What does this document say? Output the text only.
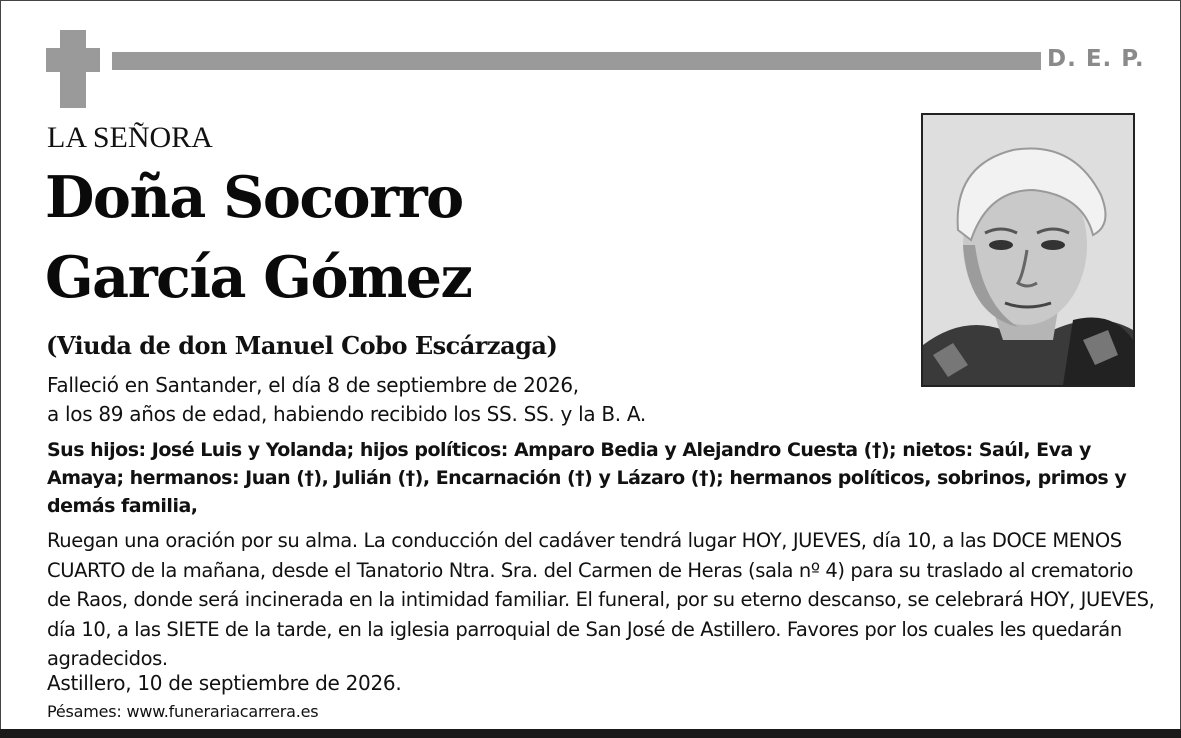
D. E. P.
LA SEÑORA
Doña Socorro
García Gómez
(Viuda de don Manuel Cobo Escárzaga)
Falleció en Santander, el día 8 de septiembre de 2026,
a los 89 años de edad, habiendo recibido los SS. SS. y la B. A.
Sus hijos: José Luis y Yolanda; hijos políticos: Amparo Bedia y Alejandro Cuesta (†); nietos: Saúl, Eva y Amaya; hermanos: Juan (†), Julián (†), Encarnación (†) y Lázaro (†); hermanos políticos, sobrinos, primos y demás familia,
Ruegan una oración por su alma. La conducción del cadáver tendrá lugar HOY, JUEVES, día 10, a las DOCE MENOS CUARTO de la mañana, desde el Tanatorio Ntra. Sra. del Carmen de Heras (sala nº 4) para su traslado al crematorio de Raos, donde será incinerada en la intimidad familiar. El funeral, por su eterno descanso, se celebrará HOY, JUEVES, día 10, a las SIETE de la tarde, en la iglesia parroquial de San José de Astillero. Favores por los cuales les quedarán agradecidos.
Astillero, 10 de septiembre de 2026.
Pésames: www.funerariacarrera.es
